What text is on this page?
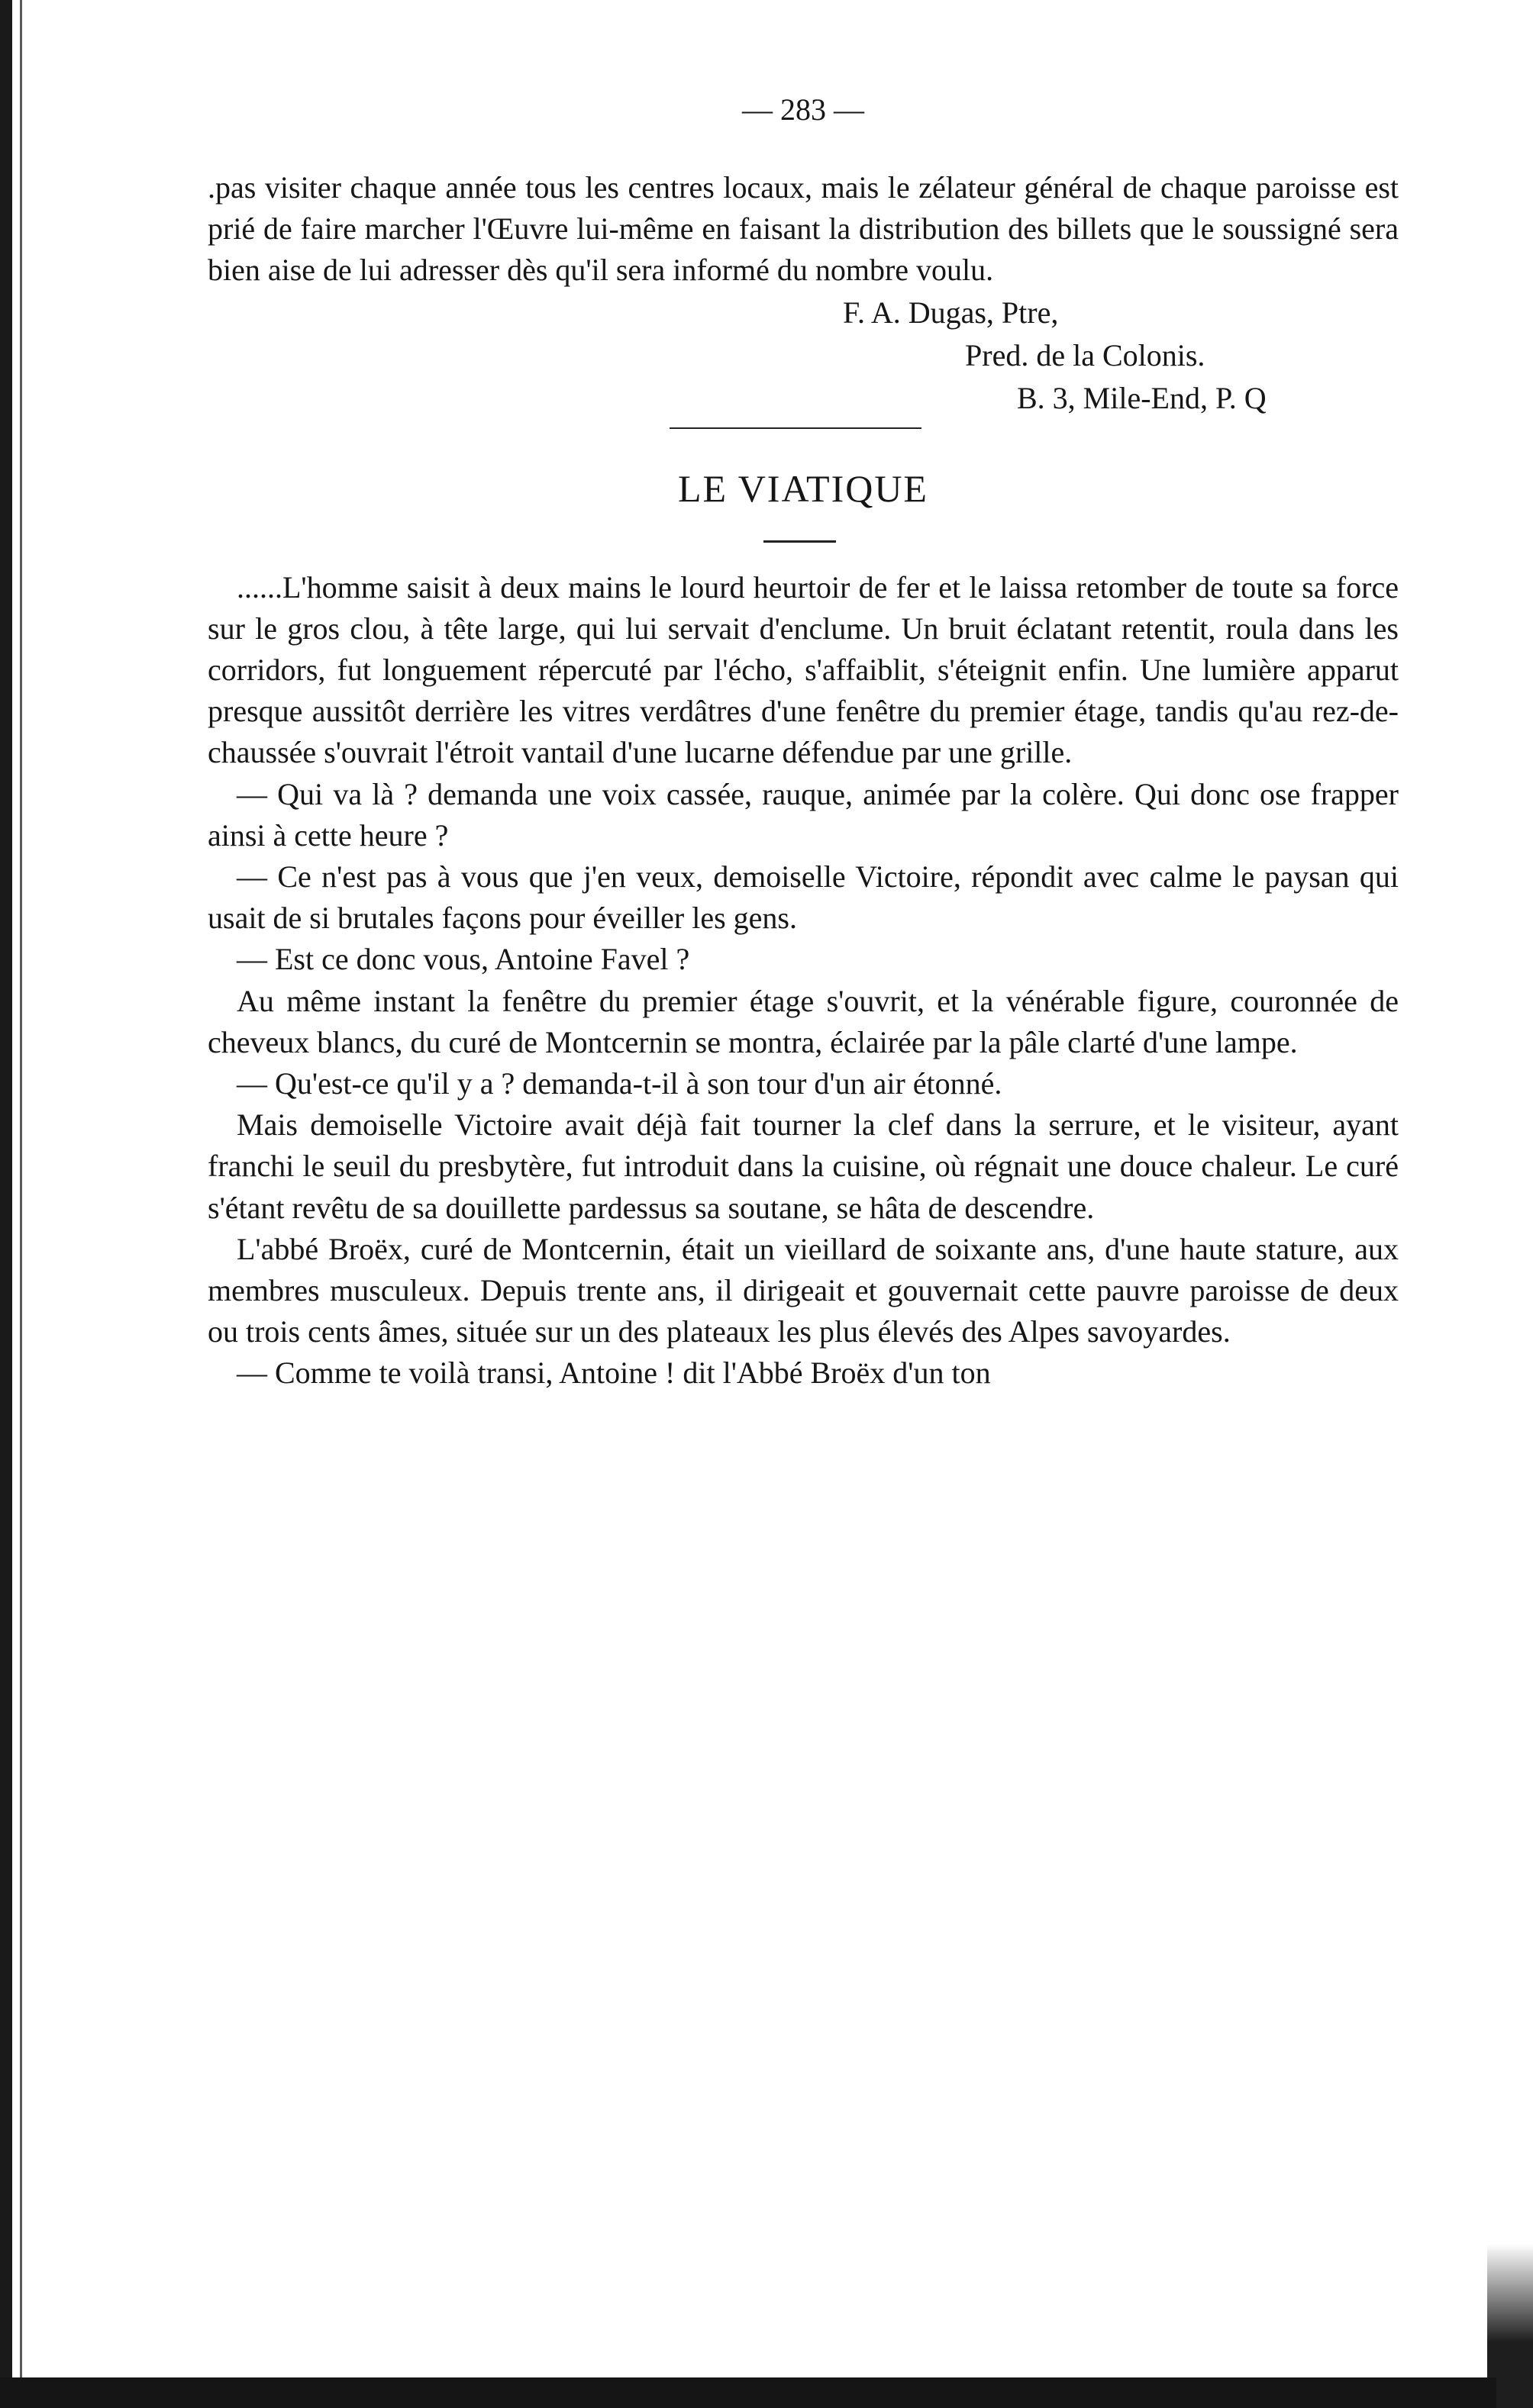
— 283 —

.pas visiter chaque année tous les centres locaux, mais le zélateur général de chaque paroisse est prié de faire marcher l'Œuvre lui-même en faisant la distribution des billets que le soussigné sera bien aise de lui adresser dès qu'il sera informé du nombre voulu.

F. A. Dugas, Ptre,
Pred. de la Colonis.
B. 3, Mile-End, P. Q
LE VIATIQUE

......L'homme saisit à deux mains le lourd heurtoir de fer et le laissa retomber de toute sa force sur le gros clou, à tête large, qui lui servait d'enclume. Un bruit éclatant retentit, roula dans les corridors, fut longuement répercuté par l'écho, s'affaiblit, s'éteignit enfin. Une lumière apparut presque aussitôt derrière les vitres verdâtres d'une fenêtre du premier étage, tandis qu'au rez-de-chaussée s'ouvrait l'étroit vantail d'une lucarne défendue par une grille.

— Qui va là ? demanda une voix cassée, rauque, animée par la colère. Qui donc ose frapper ainsi à cette heure ?

— Ce n'est pas à vous que j'en veux, demoiselle Victoire, répondit avec calme le paysan qui usait de si brutales façons pour éveiller les gens.

— Est ce donc vous, Antoine Favel ?

Au même instant la fenêtre du premier étage s'ouvrit, et la vénérable figure, couronnée de cheveux blancs, du curé de Montcernin se montra, éclairée par la pâle clarté d'une lampe.

— Qu'est-ce qu'il y a ? demanda-t-il à son tour d'un air étonné.

Mais demoiselle Victoire avait déjà fait tourner la clef dans la serrure, et le visiteur, ayant franchi le seuil du presbytère, fut introduit dans la cuisine, où régnait une douce chaleur. Le curé s'étant revêtu de sa douillette pardessus sa soutane, se hâta de descendre.

L'abbé Broëx, curé de Montcernin, était un vieillard de soixante ans, d'une haute stature, aux membres musculeux. Depuis trente ans, il dirigeait et gouvernait cette pauvre paroisse de deux ou trois cents âmes, située sur un des plateaux les plus élevés des Alpes savoyardes.

— Comme te voilà transi, Antoine ! dit l'Abbé Broëx d'un ton
